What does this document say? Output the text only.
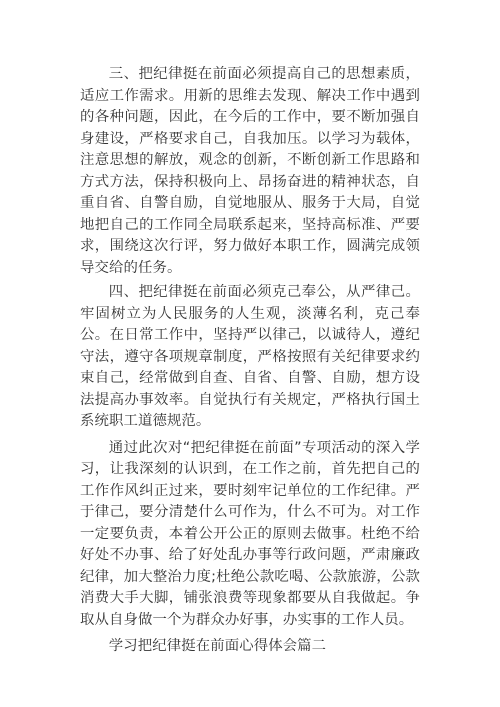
三、把纪律挺在前面必须提高自己的思想素质，适应工作需求。用新的思维去发现、解决工作中遇到的各种问题，因此，在今后的工作中，要不断加强自身建设，严格要求自己，自我加压。以学习为载体，注意思想的解放，观念的创新，不断创新工作思路和方式方法，保持积极向上、昂扬奋进的精神状态，自重自省、自警自励，自觉地服从、服务于大局，自觉地把自己的工作同全局联系起来，坚持高标准、严要求，围绕这次行评，努力做好本职工作，圆满完成领导交给的任务。

四、把纪律挺在前面必须克己奉公，从严律己。牢固树立为人民服务的人生观，淡薄名利，克己奉公。在日常工作中，坚持严以律己，以诚待人，遵纪守法，遵守各项规章制度，严格按照有关纪律要求约束自己，经常做到自查、自省、自警、自励，想方设法提高办事效率。自觉执行有关规定，严格执行国土系统职工道德规范。

通过此次对“把纪律挺在前面”专项活动的深入学习，让我深刻的认识到，在工作之前，首先把自己的工作作风纠正过来，要时刻牢记单位的工作纪律。严于律己，要分清楚什么可作为，什么不可为。对工作一定要负责，本着公开公正的原则去做事。杜绝不给好处不办事、给了好处乱办事等行政问题，严肃廉政纪律，加大整治力度;杜绝公款吃喝、公款旅游，公款消费大手大脚，铺张浪费等现象都要从自我做起。争取从自身做一个为群众办好事，办实事的工作人员。

学习把纪律挺在前面心得体会篇二
